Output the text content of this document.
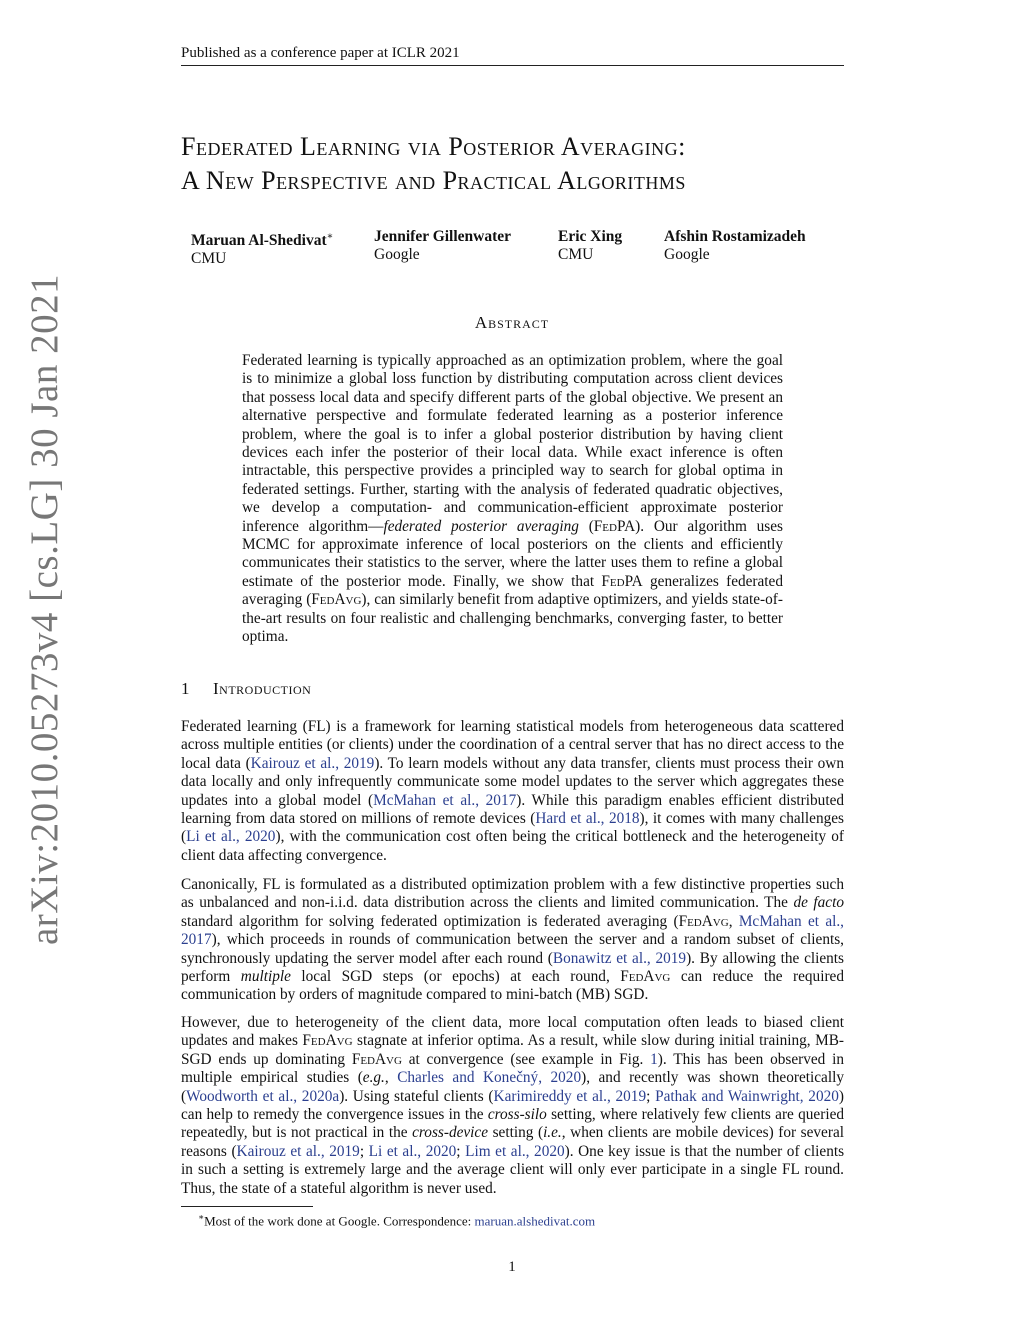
Published as a conference paper at ICLR 2021
arXiv:2010.05273v4 [cs.LG] 30 Jan 2021
Federated Learning via Posterior Averaging:
A New Perspective and Practical Algorithms
Maruan Al-Shedivat∗
CMU
Jennifer Gillenwater
Google
Eric Xing
CMU
Afshin Rostamizadeh
Google
Abstract
Federated learning is typically approached as an optimization problem, where the goal is to minimize a global loss function by distributing computation across client devices that possess local data and specify different parts of the global objective. We present an alternative perspective and formulate federated learning as a posterior inference problem, where the goal is to infer a global posterior distribution by having client devices each infer the posterior of their local data. While exact inference is often intractable, this perspective provides a principled way to search for global optima in federated settings. Further, starting with the analysis of federated quadratic objectives, we develop a computation- and communication-efficient approximate posterior inference algorithm—federated posterior averaging (FedPA). Our algorithm uses MCMC for approximate inference of local posteriors on the clients and efficiently communicates their statistics to the server, where the latter uses them to refine a global estimate of the posterior mode. Finally, we show that FedPA generalizes federated averaging (FedAvg), can similarly benefit from adaptive optimizers, and yields state-of-the-art results on four realistic and challenging benchmarks, converging faster, to better optima.
1 Introduction
Federated learning (FL) is a framework for learning statistical models from heterogeneous data scattered across multiple entities (or clients) under the coordination of a central server that has no direct access to the local data (Kairouz et al., 2019). To learn models without any data transfer, clients must process their own data locally and only infrequently communicate some model updates to the server which aggregates these updates into a global model (McMahan et al., 2017). While this paradigm enables efficient distributed learning from data stored on millions of remote devices (Hard et al., 2018), it comes with many challenges (Li et al., 2020), with the communication cost often being the critical bottleneck and the heterogeneity of client data affecting convergence.
Canonically, FL is formulated as a distributed optimization problem with a few distinctive properties such as unbalanced and non-i.i.d. data distribution across the clients and limited communication. The de facto standard algorithm for solving federated optimization is federated averaging (FedAvg, McMahan et al., 2017), which proceeds in rounds of communication between the server and a random subset of clients, synchronously updating the server model after each round (Bonawitz et al., 2019). By allowing the clients perform multiple local SGD steps (or epochs) at each round, FedAvg can reduce the required communication by orders of magnitude compared to mini-batch (MB) SGD.
However, due to heterogeneity of the client data, more local computation often leads to biased client updates and makes FedAvg stagnate at inferior optima. As a result, while slow during initial training, MB-SGD ends up dominating FedAvg at convergence (see example in Fig. 1). This has been observed in multiple empirical studies (e.g., Charles and Konečný, 2020), and recently was shown theoretically (Woodworth et al., 2020a). Using stateful clients (Karimireddy et al., 2019; Pathak and Wainwright, 2020) can help to remedy the convergence issues in the cross-silo setting, where relatively few clients are queried repeatedly, but is not practical in the cross-device setting (i.e., when clients are mobile devices) for several reasons (Kairouz et al., 2019; Li et al., 2020; Lim et al., 2020). One key issue is that the number of clients in such a setting is extremely large and the average client will only ever participate in a single FL round. Thus, the state of a stateful algorithm is never used.
∗Most of the work done at Google. Correspondence: maruan.alshedivat.com
1
